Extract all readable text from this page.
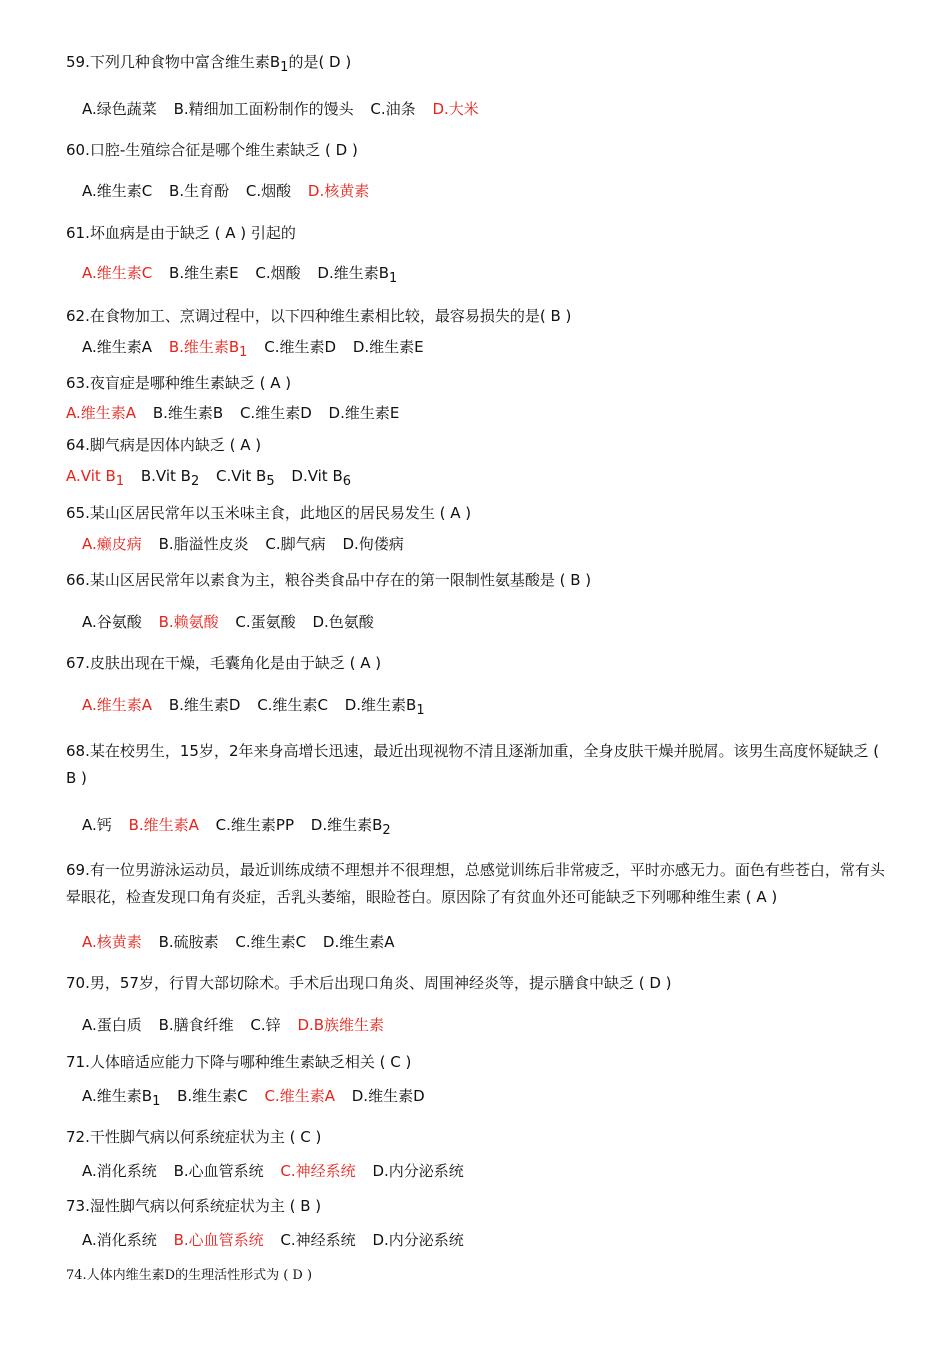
59.下列几种食物中富含维生素$B_1$的是( D )
A.绿色蔬菜 B.精细加工面粉制作的馒头 C.油条 D.大米
60.口腔-生殖综合征是哪个维生素缺乏 ( D )
A.维生素C B.生育酚 C.烟酸 D.核黄素
61.坏血病是由于缺乏 ( A ) 引起的
A.维生素C B.维生素E C.烟酸 D.维生素$B_1$
62.在食物加工、烹调过程中，以下四种维生素相比较，最容易损失的是( B )
A.维生素A B.维生素$B_1$ C.维生素D D.维生素E
63.夜盲症是哪种维生素缺乏 ( A )
A.维生素A B.维生素B C.维生素D D.维生素E
64.脚气病是因体内缺乏 ( A )
A.Vit $B_1$ B.Vit $B_2$ C.Vit $B_5$ D.Vit $B_6$
65.某山区居民常年以玉米味主食，此地区的居民易发生 ( A )
A.癞皮病 B.脂溢性皮炎 C.脚气病 D.佝偻病
66.某山区居民常年以素食为主，粮谷类食品中存在的第一限制性氨基酸是 ( B )
A.谷氨酸 B.赖氨酸 C.蛋氨酸 D.色氨酸
67.皮肤出现在干燥，毛囊角化是由于缺乏 ( A )
A.维生素A B.维生素D C.维生素C D.维生素$B_1$
68.某在校男生，15岁，2年来身高增长迅速，最近出现视物不清且逐渐加重，全身皮肤干燥并脱屑。该男生高度怀疑缺乏 ( B )
A.钙 B.维生素A C.维生素PP D.维生素$B_2$
69.有一位男游泳运动员，最近训练成绩不理想并不很理想，总感觉训练后非常疲乏，平时亦感无力。面色有些苍白，常有头晕眼花，检查发现口角有炎症，舌乳头萎缩，眼睑苍白。原因除了有贫血外还可能缺乏下列哪种维生素 ( A )
A.核黄素 B.硫胺素 C.维生素C D.维生素A
70.男，57岁，行胃大部切除术。手术后出现口角炎、周围神经炎等，提示膳食中缺乏 ( D )
A.蛋白质 B.膳食纤维 C.锌 D.B族维生素
71.人体暗适应能力下降与哪种维生素缺乏相关 ( C )
A.维生素$B_1$ B.维生素C C.维生素A D.维生素D
72.干性脚气病以何系统症状为主 ( C )
A.消化系统 B.心血管系统 C.神经系统 D.内分泌系统
73.湿性脚气病以何系统症状为主 ( B )
A.消化系统 B.心血管系统 C.神经系统 D.内分泌系统
74.人体内维生素D的生理活性形式为 ( D )
